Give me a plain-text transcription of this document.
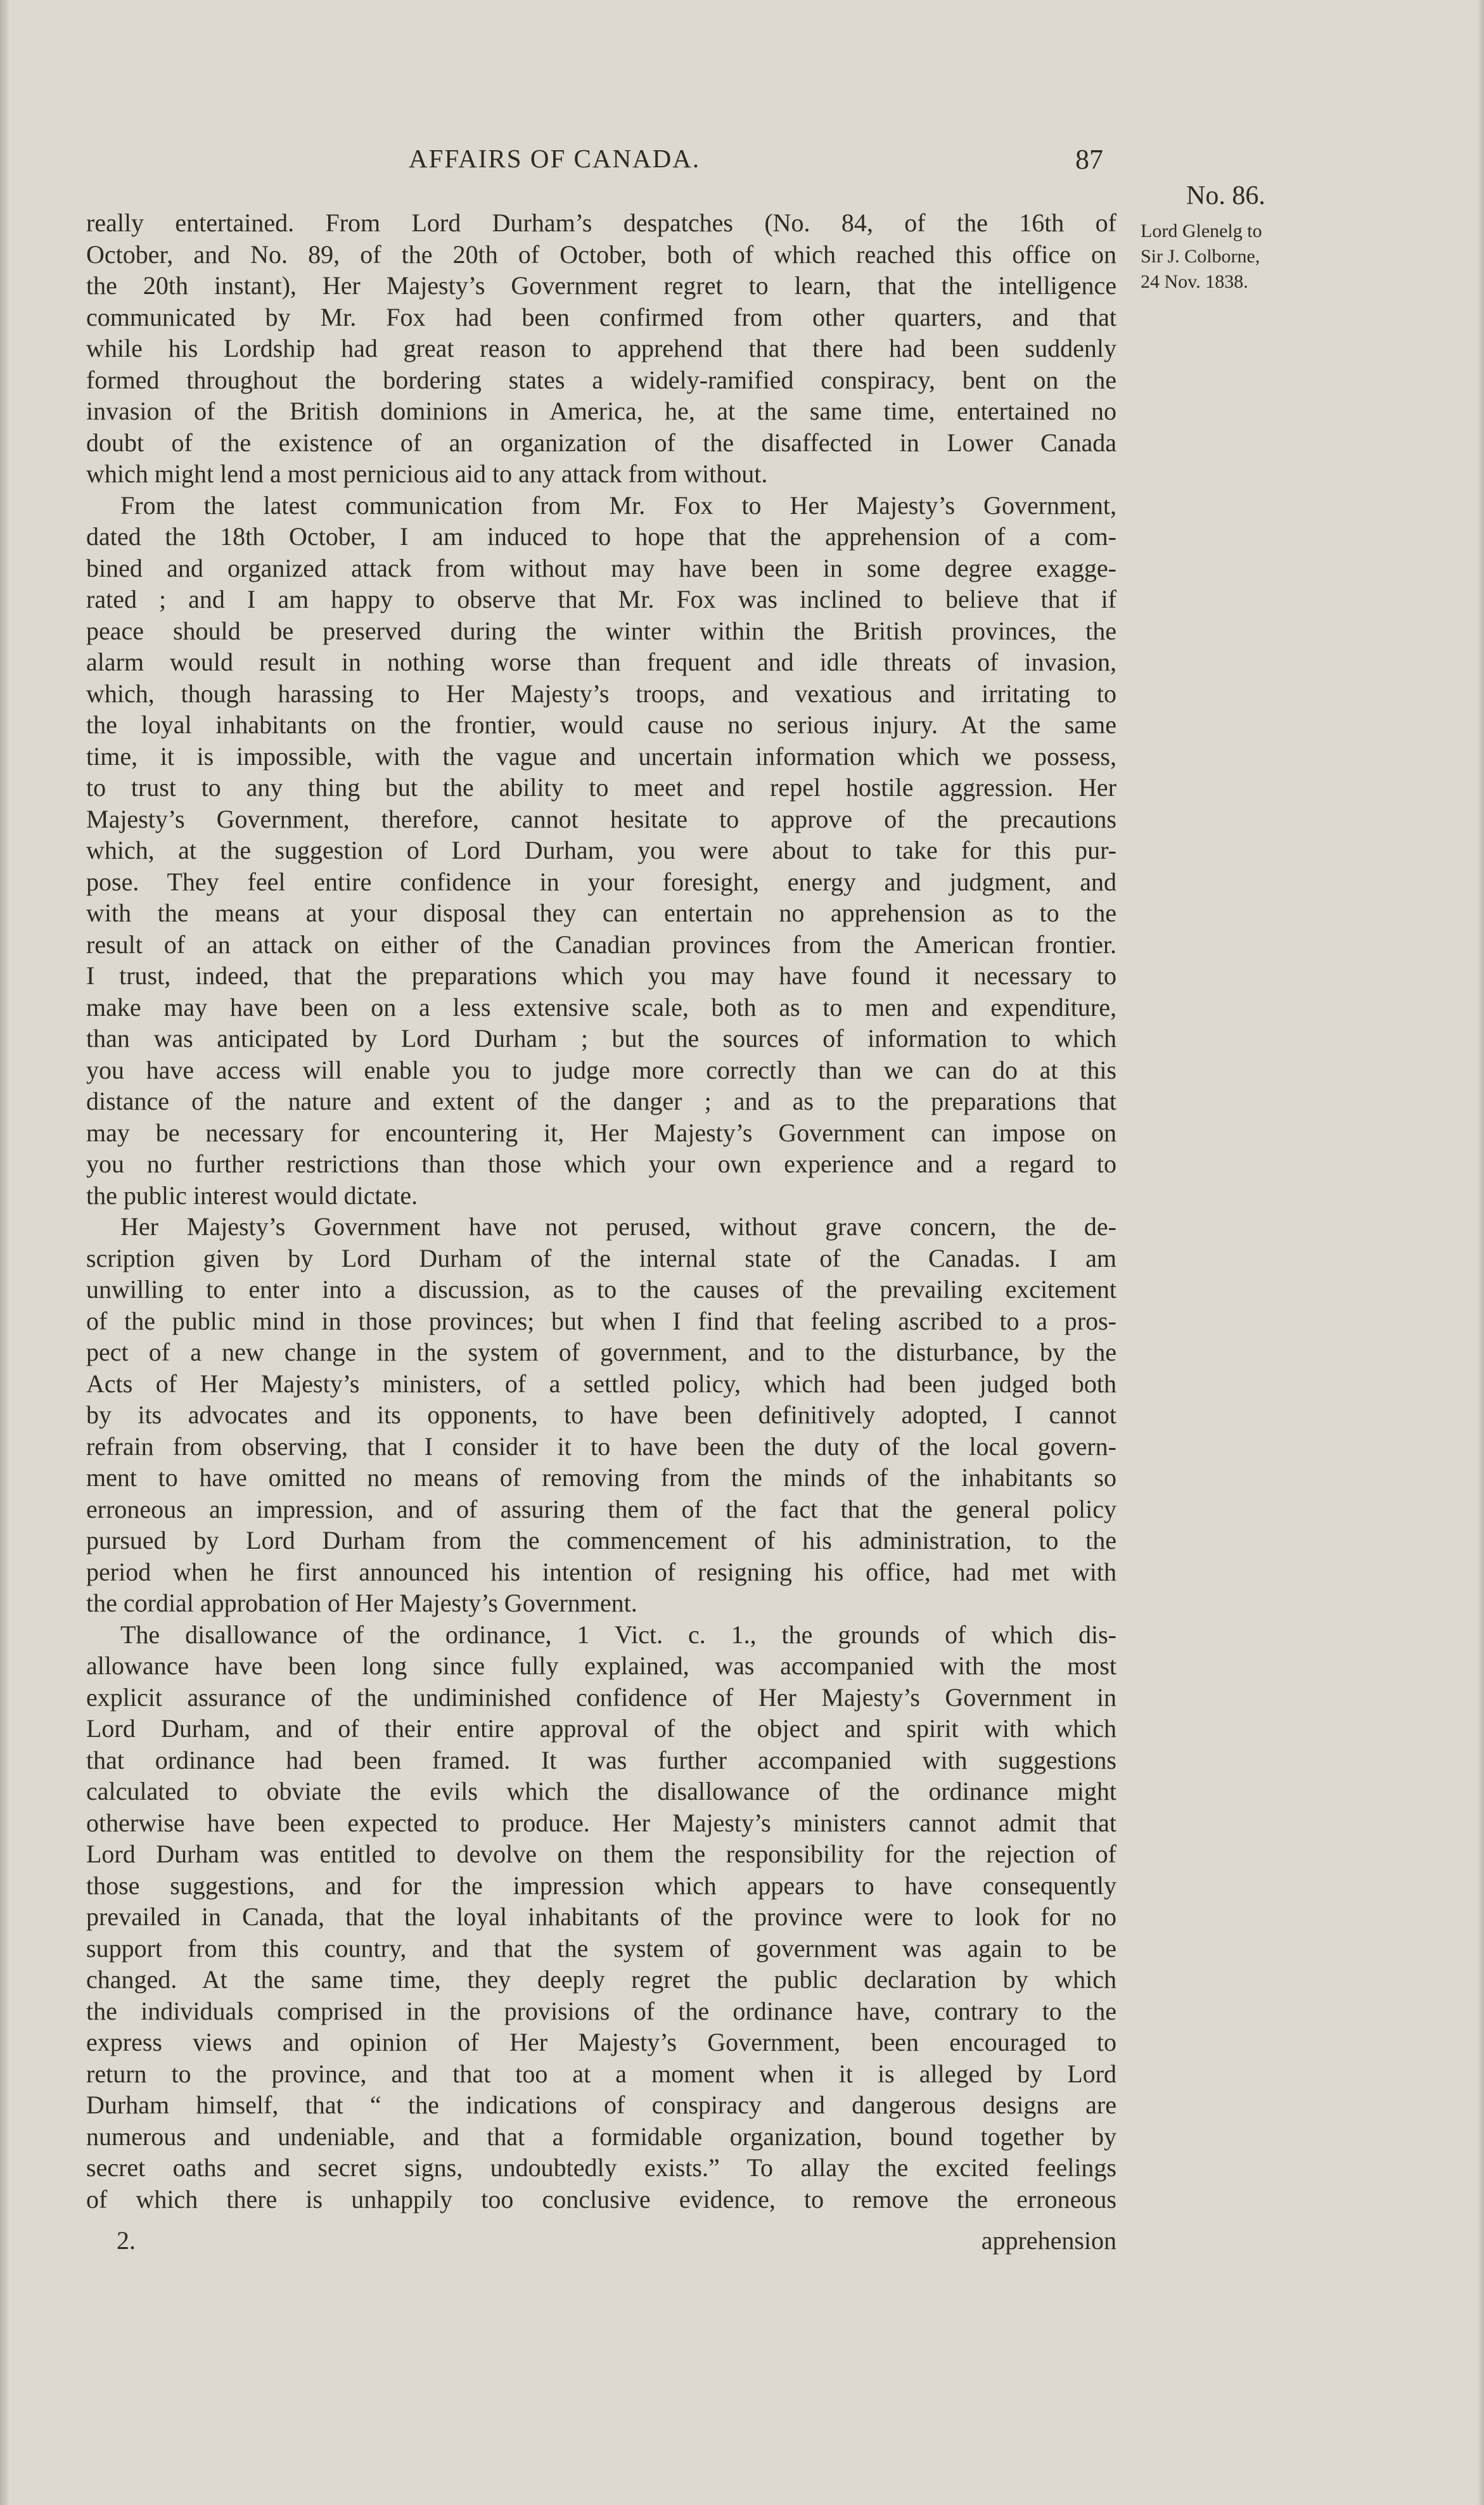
AFFAIRS OF CANADA.	87
No. 86.
Lord Glenelg to
Sir J. Colborne,
24 Nov. 1838.
really entertained. From Lord Durham’s despatches (No. 84, of the 16th of
October, and No. 89, of the 20th of October, both of which reached this office on
the 20th instant), Her Majesty’s Government regret to learn, that the intelligence
communicated by Mr. Fox had been confirmed from other quarters, and that
while his Lordship had great reason to apprehend that there had been suddenly
formed throughout the bordering states a widely-ramified conspiracy, bent on the
invasion of the British dominions in America, he, at the same time, entertained no
doubt of the existence of an organization of the disaffected in Lower Canada
which might lend a most pernicious aid to any attack from without.
From the latest communication from Mr. Fox to Her Majesty’s Government,
dated the 18th October, I am induced to hope that the apprehension of a com-
bined and organized attack from without may have been in some degree exagge-
rated ; and I am happy to observe that Mr. Fox was inclined to believe that if
peace should be preserved during the winter within the British provinces, the
alarm would result in nothing worse than frequent and idle threats of invasion,
which, though harassing to Her Majesty’s troops, and vexatious and irritating to
the loyal inhabitants on the frontier, would cause no serious injury. At the same
time, it is impossible, with the vague and uncertain information which we possess,
to trust to any thing but the ability to meet and repel hostile aggression. Her
Majesty’s Government, therefore, cannot hesitate to approve of the precautions
which, at the suggestion of Lord Durham, you were about to take for this pur-
pose. They feel entire confidence in your foresight, energy and judgment, and
with the means at your disposal they can entertain no apprehension as to the
result of an attack on either of the Canadian provinces from the American frontier.
I trust, indeed, that the preparations which you may have found it necessary to
make may have been on a less extensive scale, both as to men and expenditure,
than was anticipated by Lord Durham ; but the sources of information to which
you have access will enable you to judge more correctly than we can do at this
distance of the nature and extent of the danger ; and as to the preparations that
may be necessary for encountering it, Her Majesty’s Government can impose on
you no further restrictions than those which your own experience and a regard to
the public interest would dictate.
Her Majesty’s Government have not perused, without grave concern, the de-
scription given by Lord Durham of the internal state of the Canadas. I am
unwilling to enter into a discussion, as to the causes of the prevailing excitement
of the public mind in those provinces; but when I find that feeling ascribed to a pros-
pect of a new change in the system of government, and to the disturbance, by the
Acts of Her Majesty’s ministers, of a settled policy, which had been judged both
by its advocates and its opponents, to have been definitively adopted, I cannot
refrain from observing, that I consider it to have been the duty of the local govern-
ment to have omitted no means of removing from the minds of the inhabitants so
erroneous an impression, and of assuring them of the fact that the general policy
pursued by Lord Durham from the commencement of his administration, to the
period when he first announced his intention of resigning his office, had met with
the cordial approbation of Her Majesty’s Government.
The disallowance of the ordinance, 1 Vict. c. 1., the grounds of which dis-
allowance have been long since fully explained, was accompanied with the most
explicit assurance of the undiminished confidence of Her Majesty’s Government in
Lord Durham, and of their entire approval of the object and spirit with which
that ordinance had been framed. It was further accompanied with suggestions
calculated to obviate the evils which the disallowance of the ordinance might
otherwise have been expected to produce. Her Majesty’s ministers cannot admit that
Lord Durham was entitled to devolve on them the responsibility for the rejection of
those suggestions, and for the impression which appears to have consequently
prevailed in Canada, that the loyal inhabitants of the province were to look for no
support from this country, and that the system of government was again to be
changed. At the same time, they deeply regret the public declaration by which
the individuals comprised in the provisions of the ordinance have, contrary to the
express views and opinion of Her Majesty’s Government, been encouraged to
return to the province, and that too at a moment when it is alleged by Lord
Durham himself, that “ the indications of conspiracy and dangerous designs are
numerous and undeniable, and that a formidable organization, bound together by
secret oaths and secret signs, undoubtedly exists.” To allay the excited feelings
of which there is unhappily too conclusive evidence, to remove the erroneous
2.	apprehension
